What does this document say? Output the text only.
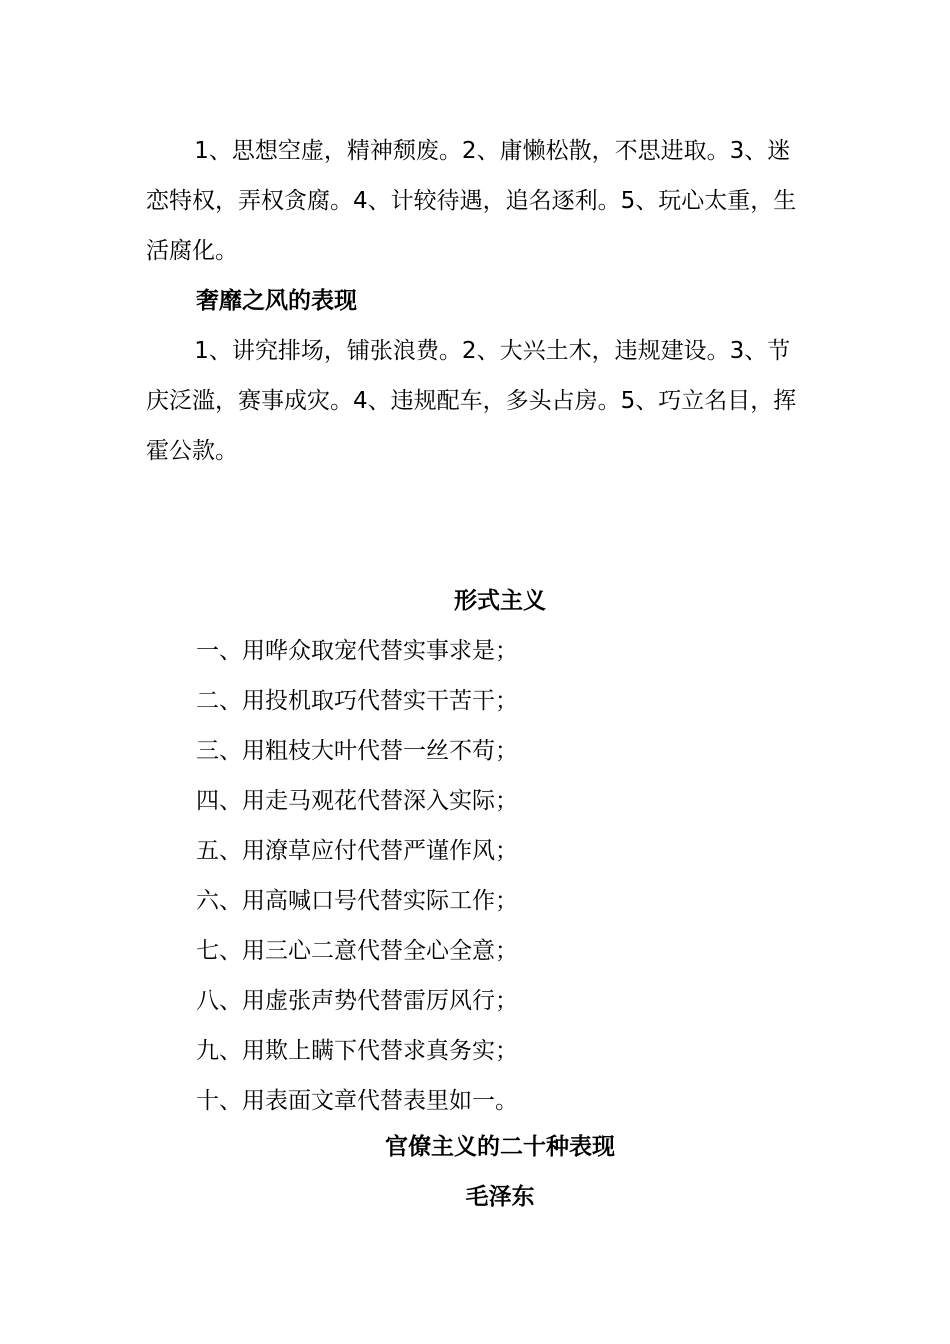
1、思想空虚，精神颓废。2、庸懒松散，不思进取。3、迷恋特权，弄权贪腐。4、计较待遇，追名逐利。5、玩心太重，生活腐化。

奢靡之风的表现

1、讲究排场，铺张浪费。2、大兴土木，违规建设。3、节庆泛滥，赛事成灾。4、违规配车，多头占房。5、巧立名目，挥霍公款。

形式主义

一、用哗众取宠代替实事求是；
二、用投机取巧代替实干苦干；
三、用粗枝大叶代替一丝不苟；
四、用走马观花代替深入实际；
五、用潦草应付代替严谨作风；
六、用高喊口号代替实际工作；
七、用三心二意代替全心全意；
八、用虚张声势代替雷厉风行；
九、用欺上瞒下代替求真务实；
十、用表面文章代替表里如一。

官僚主义的二十种表现

毛泽东
